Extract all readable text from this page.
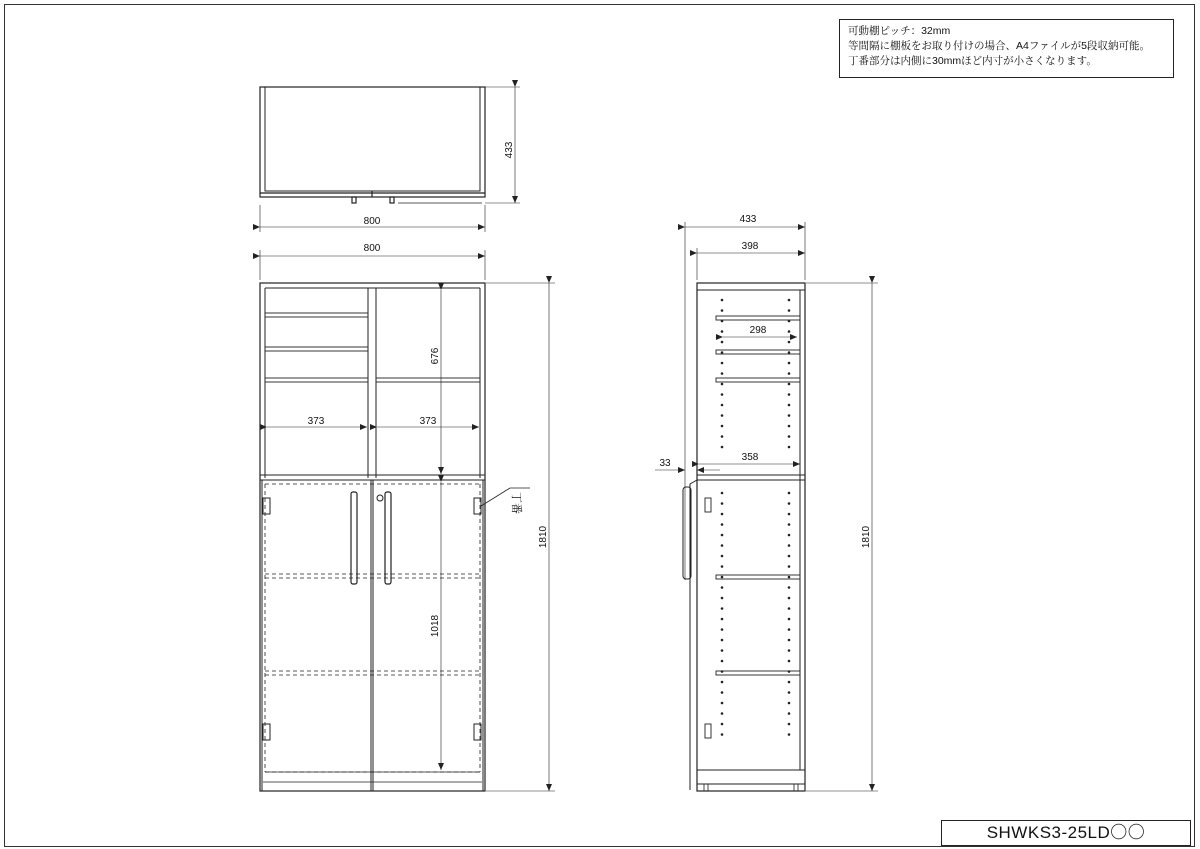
433
800
800
373	373
676
1018
1810
丁番
433
398
298
358
33
1810
可動棚ピッチ：32mm
等間隔に棚板をお取り付けの場合、A4ファイルが5段収納可能。
丁番部分は内側に30mmほど内寸が小さくなります。
SHWKS3-25LD〇〇
